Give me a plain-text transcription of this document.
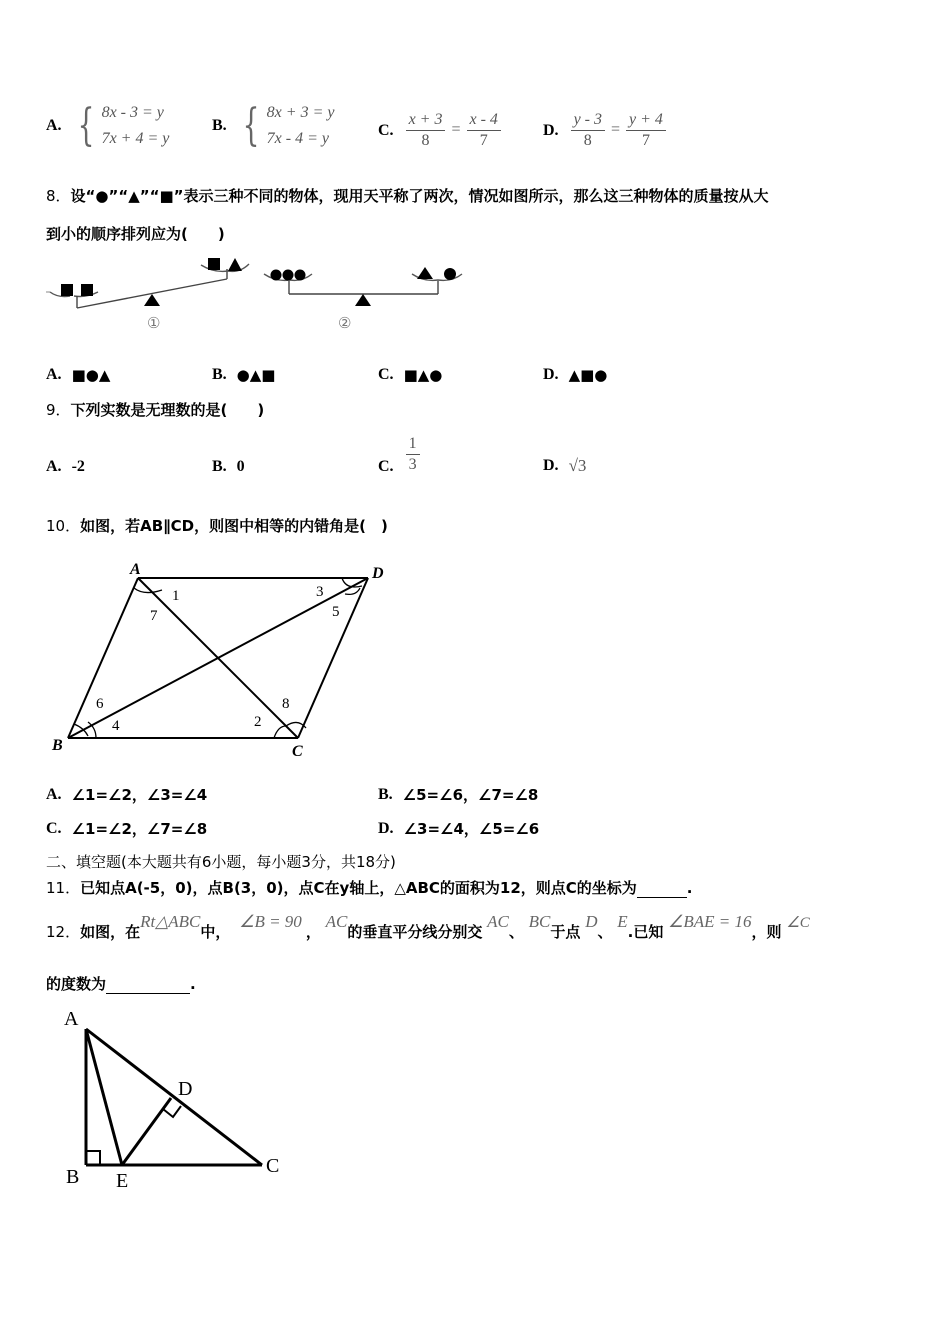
A. { 8x - 3 = y
7x + 4 = y
B. { 8x + 3 = y
7x - 4 = y	C. $\frac{x + 3}{8} = \frac{x - 4}{7}$	D. $\frac{y - 3}{8} = \frac{y + 4}{7}$
8．设“●”“▲”“■”表示三种不同的物体，现用天平称了两次，情况如图所示，那么这三种物体的质量按从大
到小的顺序排列应为(　　)
①	②
A. ■●▲	B. ●▲■	C. ■▲●	D. ▲■●
9．下列实数是无理数的是(　　)
A. -2	B. 0	C. $\frac{1}{3}$	D. √3
10．如图，若AB∥CD，则图中相等的内错角是(　)
A	D
B	C
1
7
3
5
6
4	2
8
A. ∠1=∠2，∠3=∠4	B. ∠5=∠6，∠7=∠8
C. ∠1=∠2，∠7=∠8	D. ∠3=∠4，∠5=∠6
二、填空题(本大题共有6小题，每小题3分，共18分)
11．已知点A(-5，0)，点B(3，0)，点C在y轴上，△ABC的面积为12，则点C的坐标为	.
12．如图，在Rt△ABC中， ∠B = 90， AC的垂直平分线分别交 AC、 BC于点 D、 E.已知 ∠BAE = 16，则 ∠C
的度数为	.
A
D
B E
C
